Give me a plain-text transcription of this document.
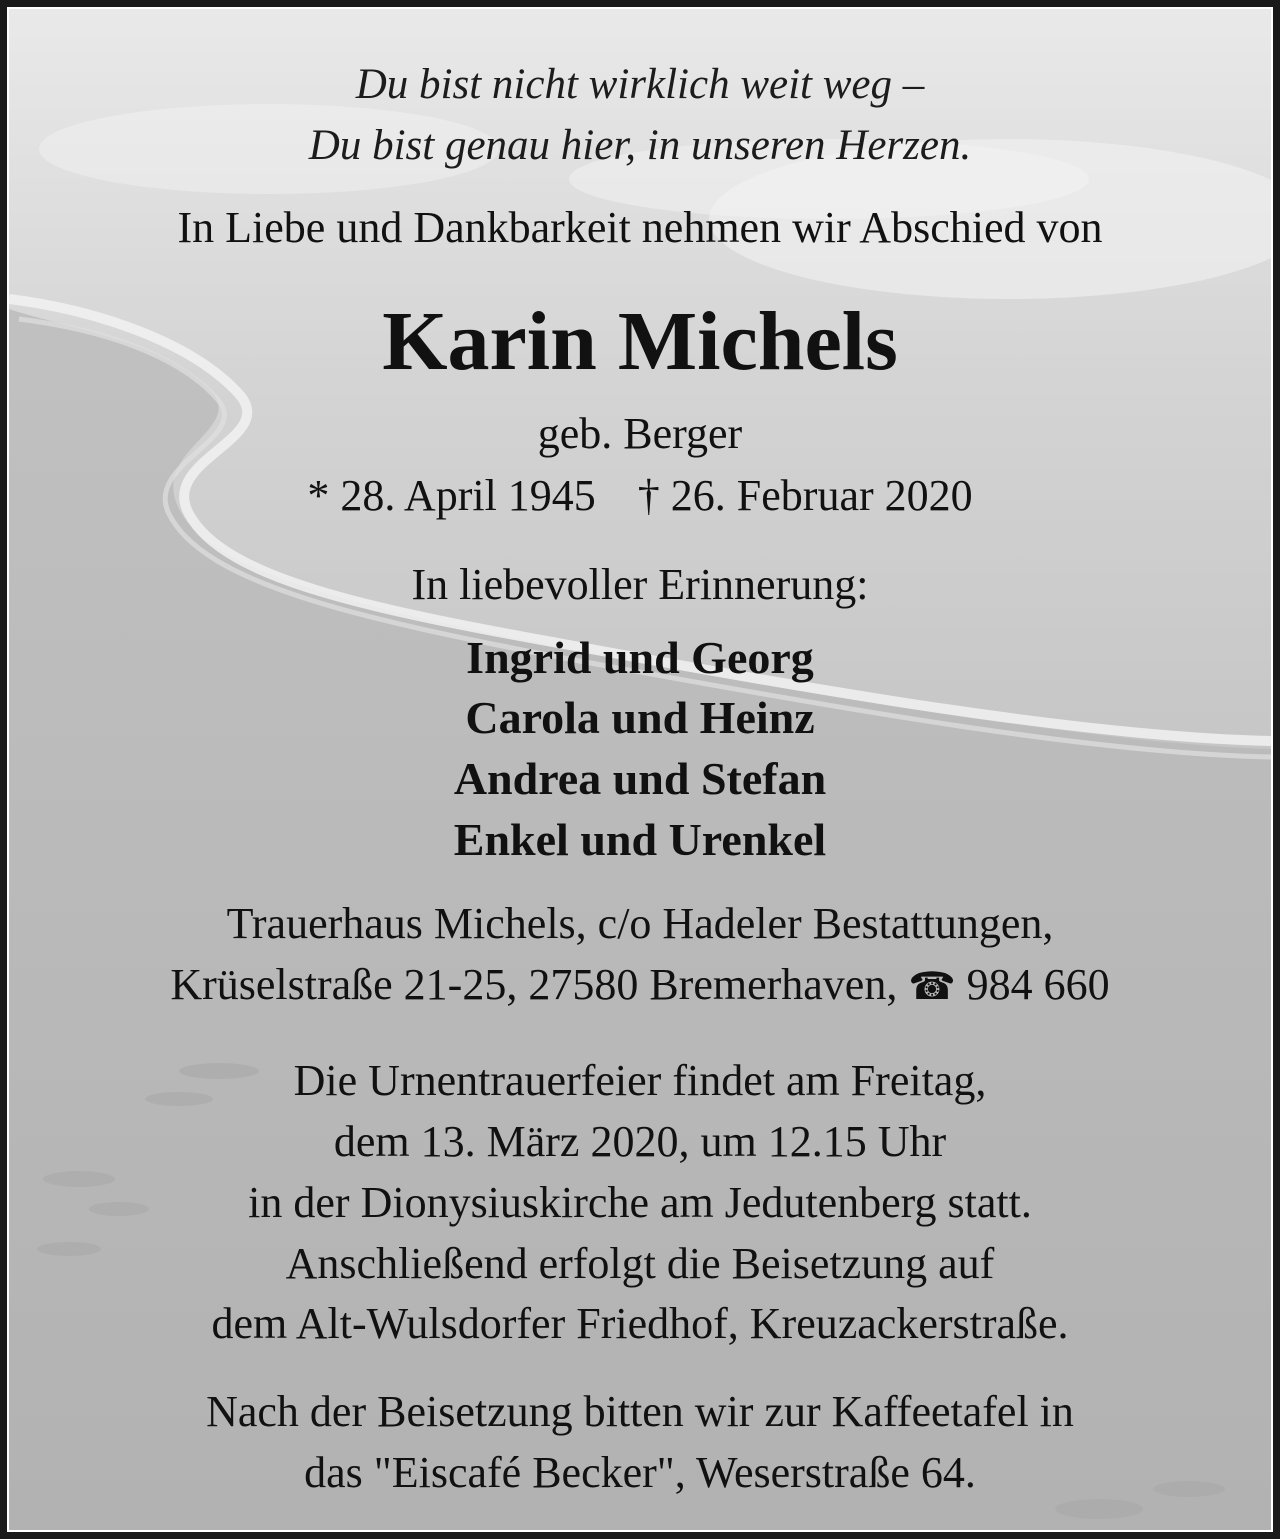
Du bist nicht wirklich weit weg –
Du bist genau hier, in unseren Herzen.
In Liebe und Dankbarkeit nehmen wir Abschied von
Karin Michels
geb. Berger
* 28. April 1945 † 26. Februar 2020
In liebevoller Erinnerung:
Ingrid und Georg
Carola und Heinz
Andrea und Stefan
Enkel und Urenkel
Trauerhaus Michels, c/o Hadeler Bestattungen,
Krüselstraße 21-25, 27580 Bremerhaven, ☎ 984 660
Die Urnentrauerfeier findet am Freitag,
dem 13. März 2020, um 12.15 Uhr
in der Dionysiuskirche am Jedutenberg statt.
Anschließend erfolgt die Beisetzung auf
dem Alt-Wulsdorfer Friedhof, Kreuzackerstraße.
Nach der Beisetzung bitten wir zur Kaffeetafel in
das "Eiscafé Becker", Weserstraße 64.
